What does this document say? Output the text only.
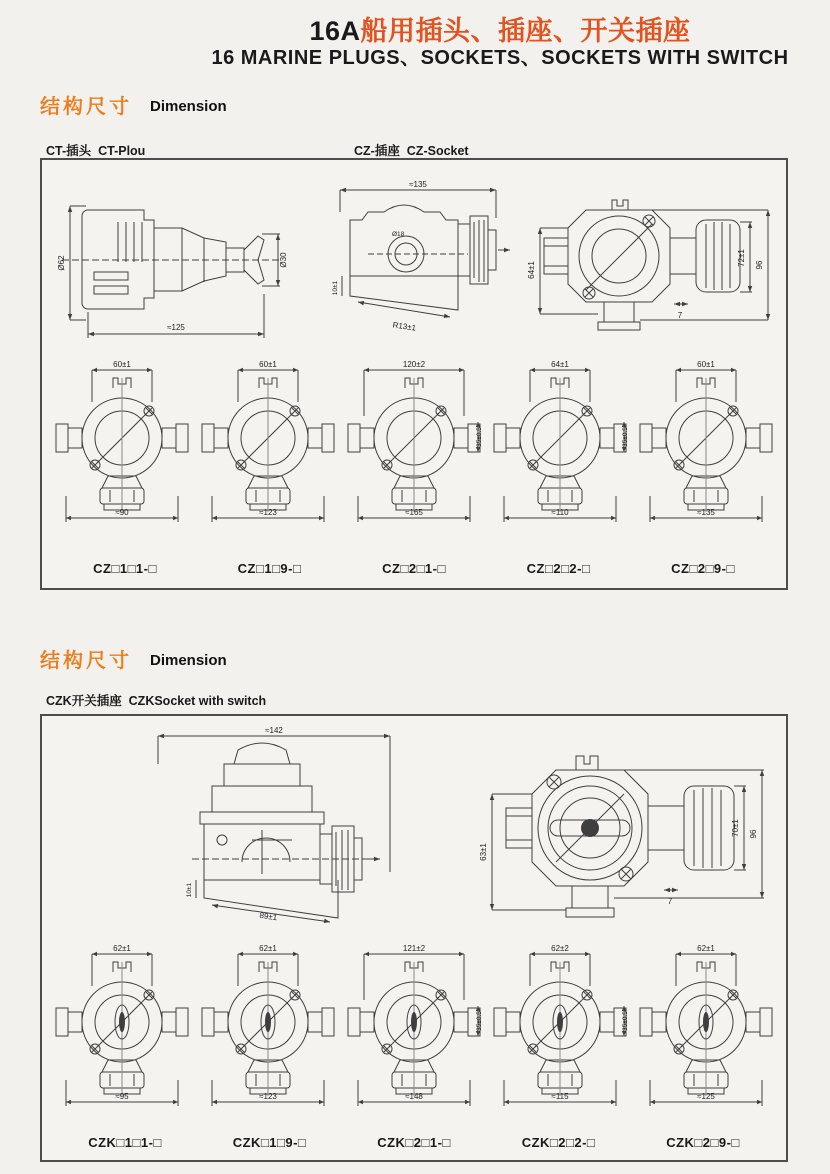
16A船用插头、插座、开关插座
16 MARINE PLUGS、SOCKETS、SOCKETS WITH SWITCH
结构尺寸 Dimension
CT-插头 CT-Plou	CZ-插座 CZ-Socket
Ø62
≈125
Ø30
≈135
Ø18
R13±1
10±1
64±1
72±1 96
7
60±1
≈90
60±1
≈123
120±2
≈165
35±0.5
64±1
≈110
35±0.5
60±1
≈135
CZ□1□1-□	CZ□1□9-□	CZ□2□1-□	CZ□2□2-□	CZ□2□9-□
结构尺寸 Dimension
CZK开关插座 CZKSocket with switch
≈142
89±1
10±1
63±1
70±1 96
7
62±1
≈95
62±1
≈123
121±2
≈148
35±0.5
62±2
≈115
35±0.5
62±1
≈125
CZK□1□1-□	CZK□1□9-□	CZK□2□1-□	CZK□2□2-□	CZK□2□9-□
